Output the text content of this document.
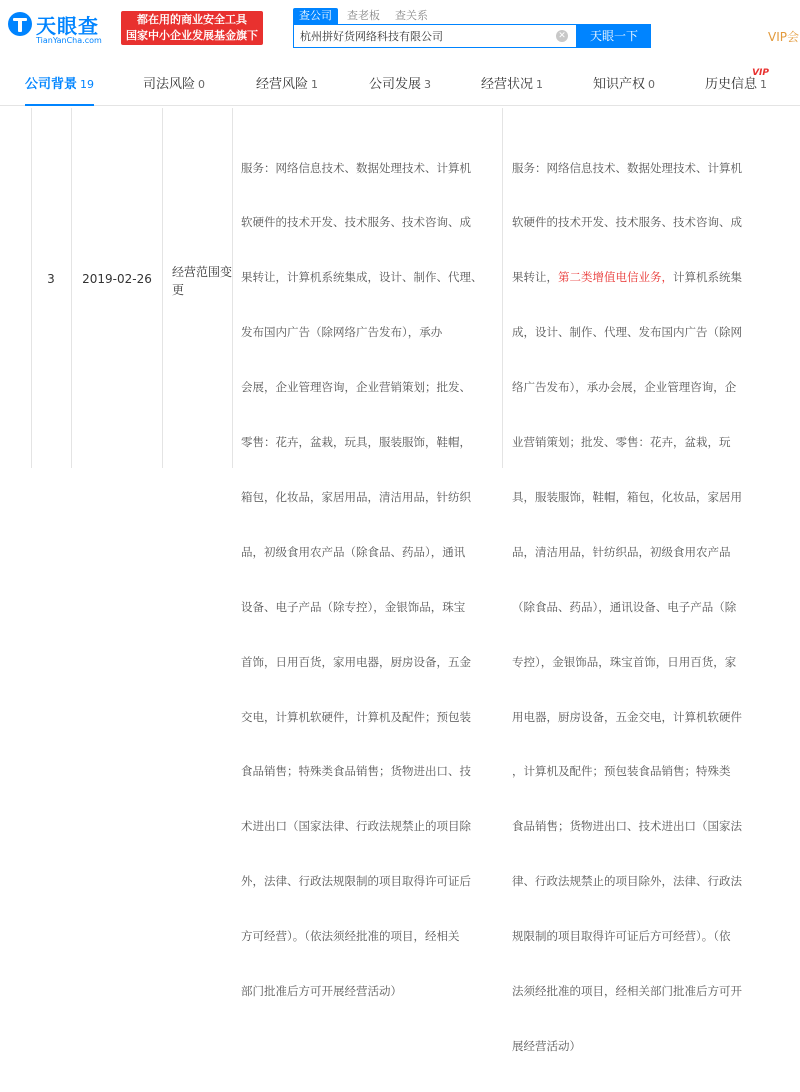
天眼查
TianYanCha.com
都在用的商业安全工具
国家中小企业发展基金旗下
查公司	查老板	查关系
杭州拼好货网络科技有限公司
✕	天眼一下	VIP会
公司背景 19	司法风险 0	经营风险 1	公司发展 3	经营状况 1	知识产权 0	历史信息 1
VIP
3	2019-02-26	经营范围变
更

服务：网络信息技术、数据处理技术、计算机

软硬件的技术开发、技术服务、技术咨询、成

果转让，计算机系统集成，设计、制作、代理、

发布国内广告（除网络广告发布），承办

会展，企业管理咨询，企业营销策划；批发、

零售：花卉，盆栽，玩具，服装服饰，鞋帽，

箱包，化妆品，家居用品，清洁用品，针纺织

品，初级食用农产品（除食品、药品），通讯

设备、电子产品（除专控），金银饰品，珠宝

首饰，日用百货，家用电器，厨房设备，五金

交电，计算机软硬件，计算机及配件；预包装

食品销售；特殊类食品销售；货物进出口、技

术进出口（国家法律、行政法规禁止的项目除

外，法律、行政法规限制的项目取得许可证后

方可经营）。（依法须经批准的项目，经相关

部门批准后方可开展经营活动）

服务：网络信息技术、数据处理技术、计算机

软硬件的技术开发、技术服务、技术咨询、成

果转让，第二类增值电信业务，计算机系统集

成，设计、制作、代理、发布国内广告（除网

络广告发布），承办会展，企业管理咨询，企

业营销策划；批发、零售：花卉，盆栽，玩

具，服装服饰，鞋帽，箱包，化妆品，家居用

品，清洁用品，针纺织品，初级食用农产品

（除食品、药品），通讯设备、电子产品（除

专控），金银饰品，珠宝首饰，日用百货，家

用电器，厨房设备，五金交电，计算机软硬件

，计算机及配件；预包装食品销售；特殊类

食品销售；货物进出口、技术进出口（国家法

律、行政法规禁止的项目除外，法律、行政法

规限制的项目取得许可证后方可经营）。（依

法须经批准的项目，经相关部门批准后方可开

展经营活动）
